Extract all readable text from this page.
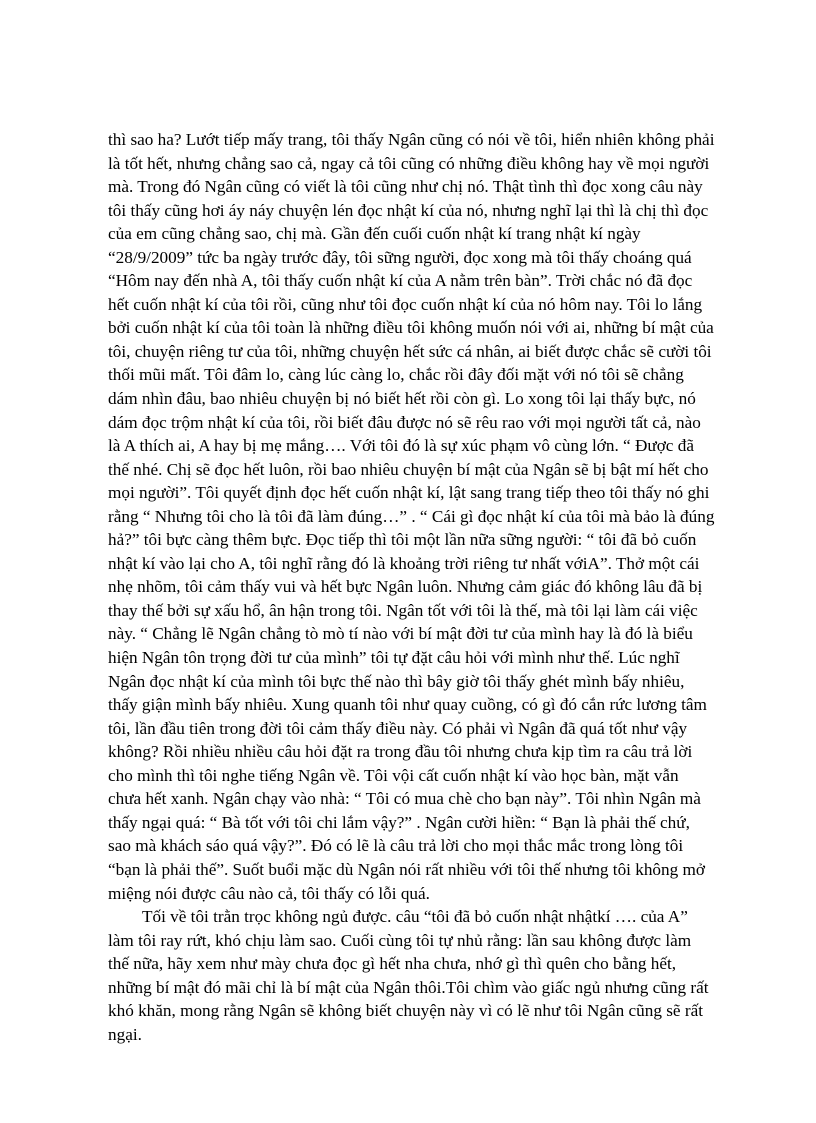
thì sao ha? Lướt tiếp mấy trang, tôi thấy Ngân cũng có nói về tôi, hiển nhiên không phải
là tốt hết, nhưng chẳng sao cả, ngay cả tôi cũng có những điều không hay về mọi người
mà. Trong đó Ngân cũng có viết là tôi cũng như chị nó. Thật tình thì đọc xong câu này
tôi thấy cũng hơi áy náy chuyện lén đọc nhật kí của nó, nhưng nghĩ lại thì là chị thì đọc
của em cũng chẳng sao, chị mà. Gần đến cuối cuốn nhật kí trang nhật kí ngày
“28/9/2009” tức ba ngày trước đây, tôi sững người, đọc xong mà tôi thấy choáng quá
“Hôm nay đến nhà A, tôi thấy cuốn nhật kí của A nằm trên bàn”. Trời chắc nó đã đọc
hết cuốn nhật kí của tôi rồi, cũng như tôi đọc cuốn nhật kí của nó hôm nay. Tôi lo lắng
bởi cuốn nhật kí của tôi toàn là những điều tôi không muốn nói với ai, những bí mật của
tôi, chuyện riêng tư của tôi, những chuyện hết sức cá nhân, ai biết được chắc sẽ cười tôi
thối mũi mất. Tôi đâm lo, càng lúc càng lo, chắc rồi đây đối mặt với nó tôi sẽ chẳng
dám nhìn đâu, bao nhiêu chuyện bị nó biết hết rồi còn gì. Lo xong tôi lại thấy bực, nó
dám đọc trộm nhật kí của tôi, rồi biết đâu được nó sẽ rêu rao với mọi người tất cả, nào
là A thích ai, A hay bị mẹ mắng…. Với tôi đó là sự xúc phạm vô cùng lớn. “ Được đã
thế nhé. Chị sẽ đọc hết luôn, rồi bao nhiêu chuyện bí mật của Ngân sẽ bị bật mí hết cho
mọi người”. Tôi quyết định đọc hết cuốn nhật kí, lật sang trang tiếp theo tôi thấy nó ghi
rằng “ Nhưng tôi cho là tôi đã làm đúng…” . “ Cái gì đọc nhật kí của tôi mà bảo là đúng
hả?” tôi bực càng thêm bực. Đọc tiếp thì tôi một lần nữa sững người: “ tôi đã bỏ cuốn
nhật kí vào lại cho A, tôi nghĩ rằng đó là khoảng trời riêng tư nhất vớiA”. Thở một cái
nhẹ nhõm, tôi cảm thấy vui và hết bực Ngân luôn. Nhưng cảm giác đó không lâu đã bị
thay thế bởi sự xấu hổ, ân hận trong tôi. Ngân tốt với tôi là thế, mà tôi lại làm cái việc
này. “ Chẳng lẽ Ngân chẳng tò mò tí nào với bí mật đời tư của mình hay là đó là biểu
hiện Ngân tôn trọng đời tư của mình” tôi tự đặt câu hỏi với mình như thế. Lúc nghĩ
Ngân đọc nhật kí của mình tôi bực thế nào thì bây giờ tôi thấy ghét mình bấy nhiêu,
thấy giận mình bấy nhiêu. Xung quanh tôi như quay cuồng, có gì đó cắn rức lương tâm
tôi, lần đầu tiên trong đời tôi cảm thấy điều này. Có phải vì Ngân đã quá tốt như vậy
không? Rồi nhiều nhiều câu hỏi đặt ra trong đầu tôi nhưng chưa kịp tìm ra câu trả lời
cho mình thì tôi nghe tiếng Ngân về. Tôi vội cất cuốn nhật kí vào học bàn, mặt vẫn
chưa hết xanh. Ngân chạy vào nhà: “ Tôi có mua chè cho bạn này”. Tôi nhìn Ngân mà
thấy ngại quá: “ Bà tốt với tôi chi lắm vậy?” . Ngân cười hiền: “ Bạn là phải thế chứ,
sao mà khách sáo quá vậy?”. Đó có lẽ là câu trả lời cho mọi thắc mắc trong lòng tôi
“bạn là phải thế”. Suốt buổi mặc dù Ngân nói rất nhiều với tôi thế nhưng tôi không mở
miệng nói được câu nào cả, tôi thấy có lỗi quá.
Tối về tôi trằn trọc không ngủ được. câu “tôi đã bỏ cuốn nhật nhậtkí …. của A”
làm tôi ray rứt, khó chịu làm sao. Cuối cùng tôi tự nhủ rằng: lần sau không được làm
thế nữa, hãy xem như mày chưa đọc gì hết nha chưa, nhớ gì thì quên cho bằng hết,
những bí mật đó mãi chỉ là bí mật của Ngân thôi.Tôi chìm vào giấc ngủ nhưng cũng rất
khó khăn, mong rằng Ngân sẽ không biết chuyện này vì có lẽ như tôi Ngân cũng sẽ rất
ngại.
